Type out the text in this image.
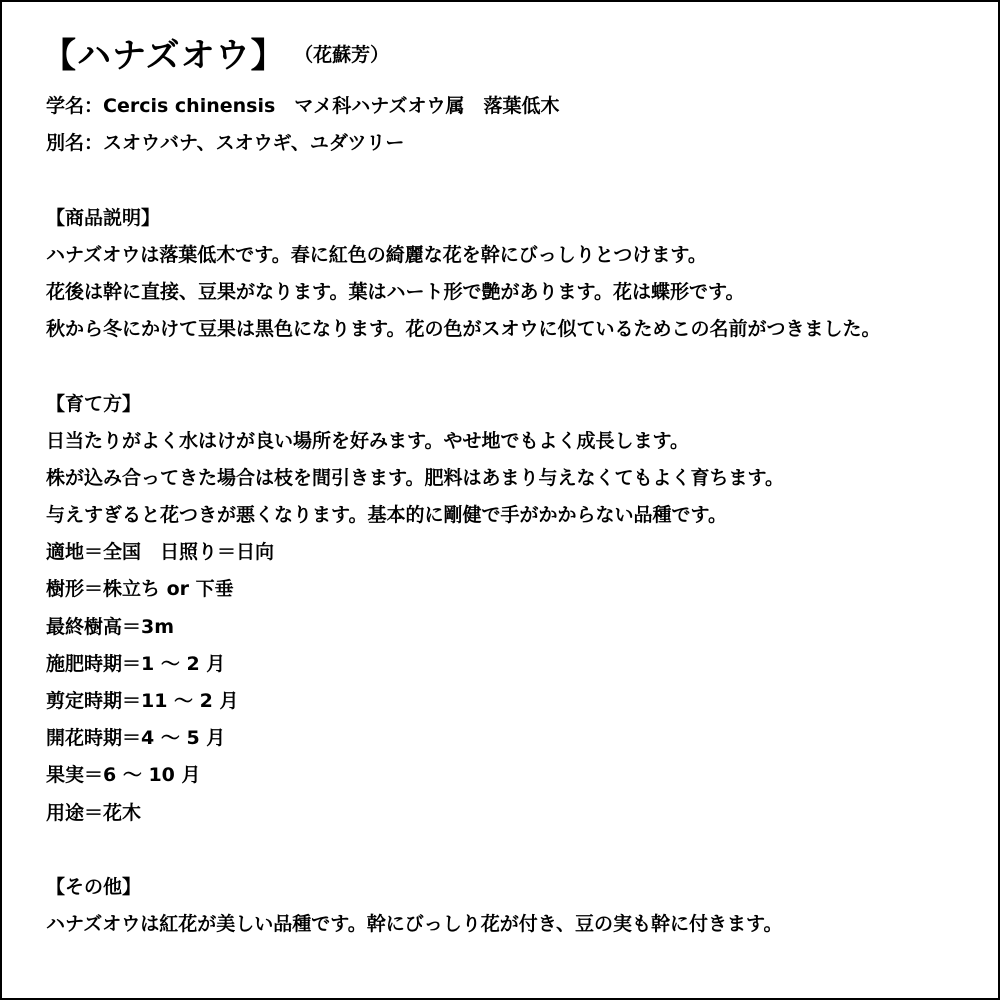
【ハナズオウ】 （花蘇芳）
学名：Cercis chinensis　マメ科ハナズオウ属　落葉低木
別名：スオウバナ、スオウギ、ユダツリー
【商品説明】
ハナズオウは落葉低木です。春に紅色の綺麗な花を幹にびっしりとつけます。
花後は幹に直接、豆果がなります。葉はハート形で艶があります。花は蝶形です。
秋から冬にかけて豆果は黒色になります。花の色がスオウに似ているためこの名前がつきました。
【育て方】
日当たりがよく水はけが良い場所を好みます。やせ地でもよく成長します。
株が込み合ってきた場合は枝を間引きます。肥料はあまり与えなくてもよく育ちます。
与えすぎると花つきが悪くなります。基本的に剛健で手がかからない品種です。
適地＝全国　日照り＝日向
樹形＝株立ち or 下垂
最終樹高＝3m
施肥時期＝1 ～ 2 月
剪定時期＝11 ～ 2 月
開花時期＝4 ～ 5 月
果実＝6 ～ 10 月
用途＝花木
【その他】
ハナズオウは紅花が美しい品種です。幹にびっしり花が付き、豆の実も幹に付きます。
